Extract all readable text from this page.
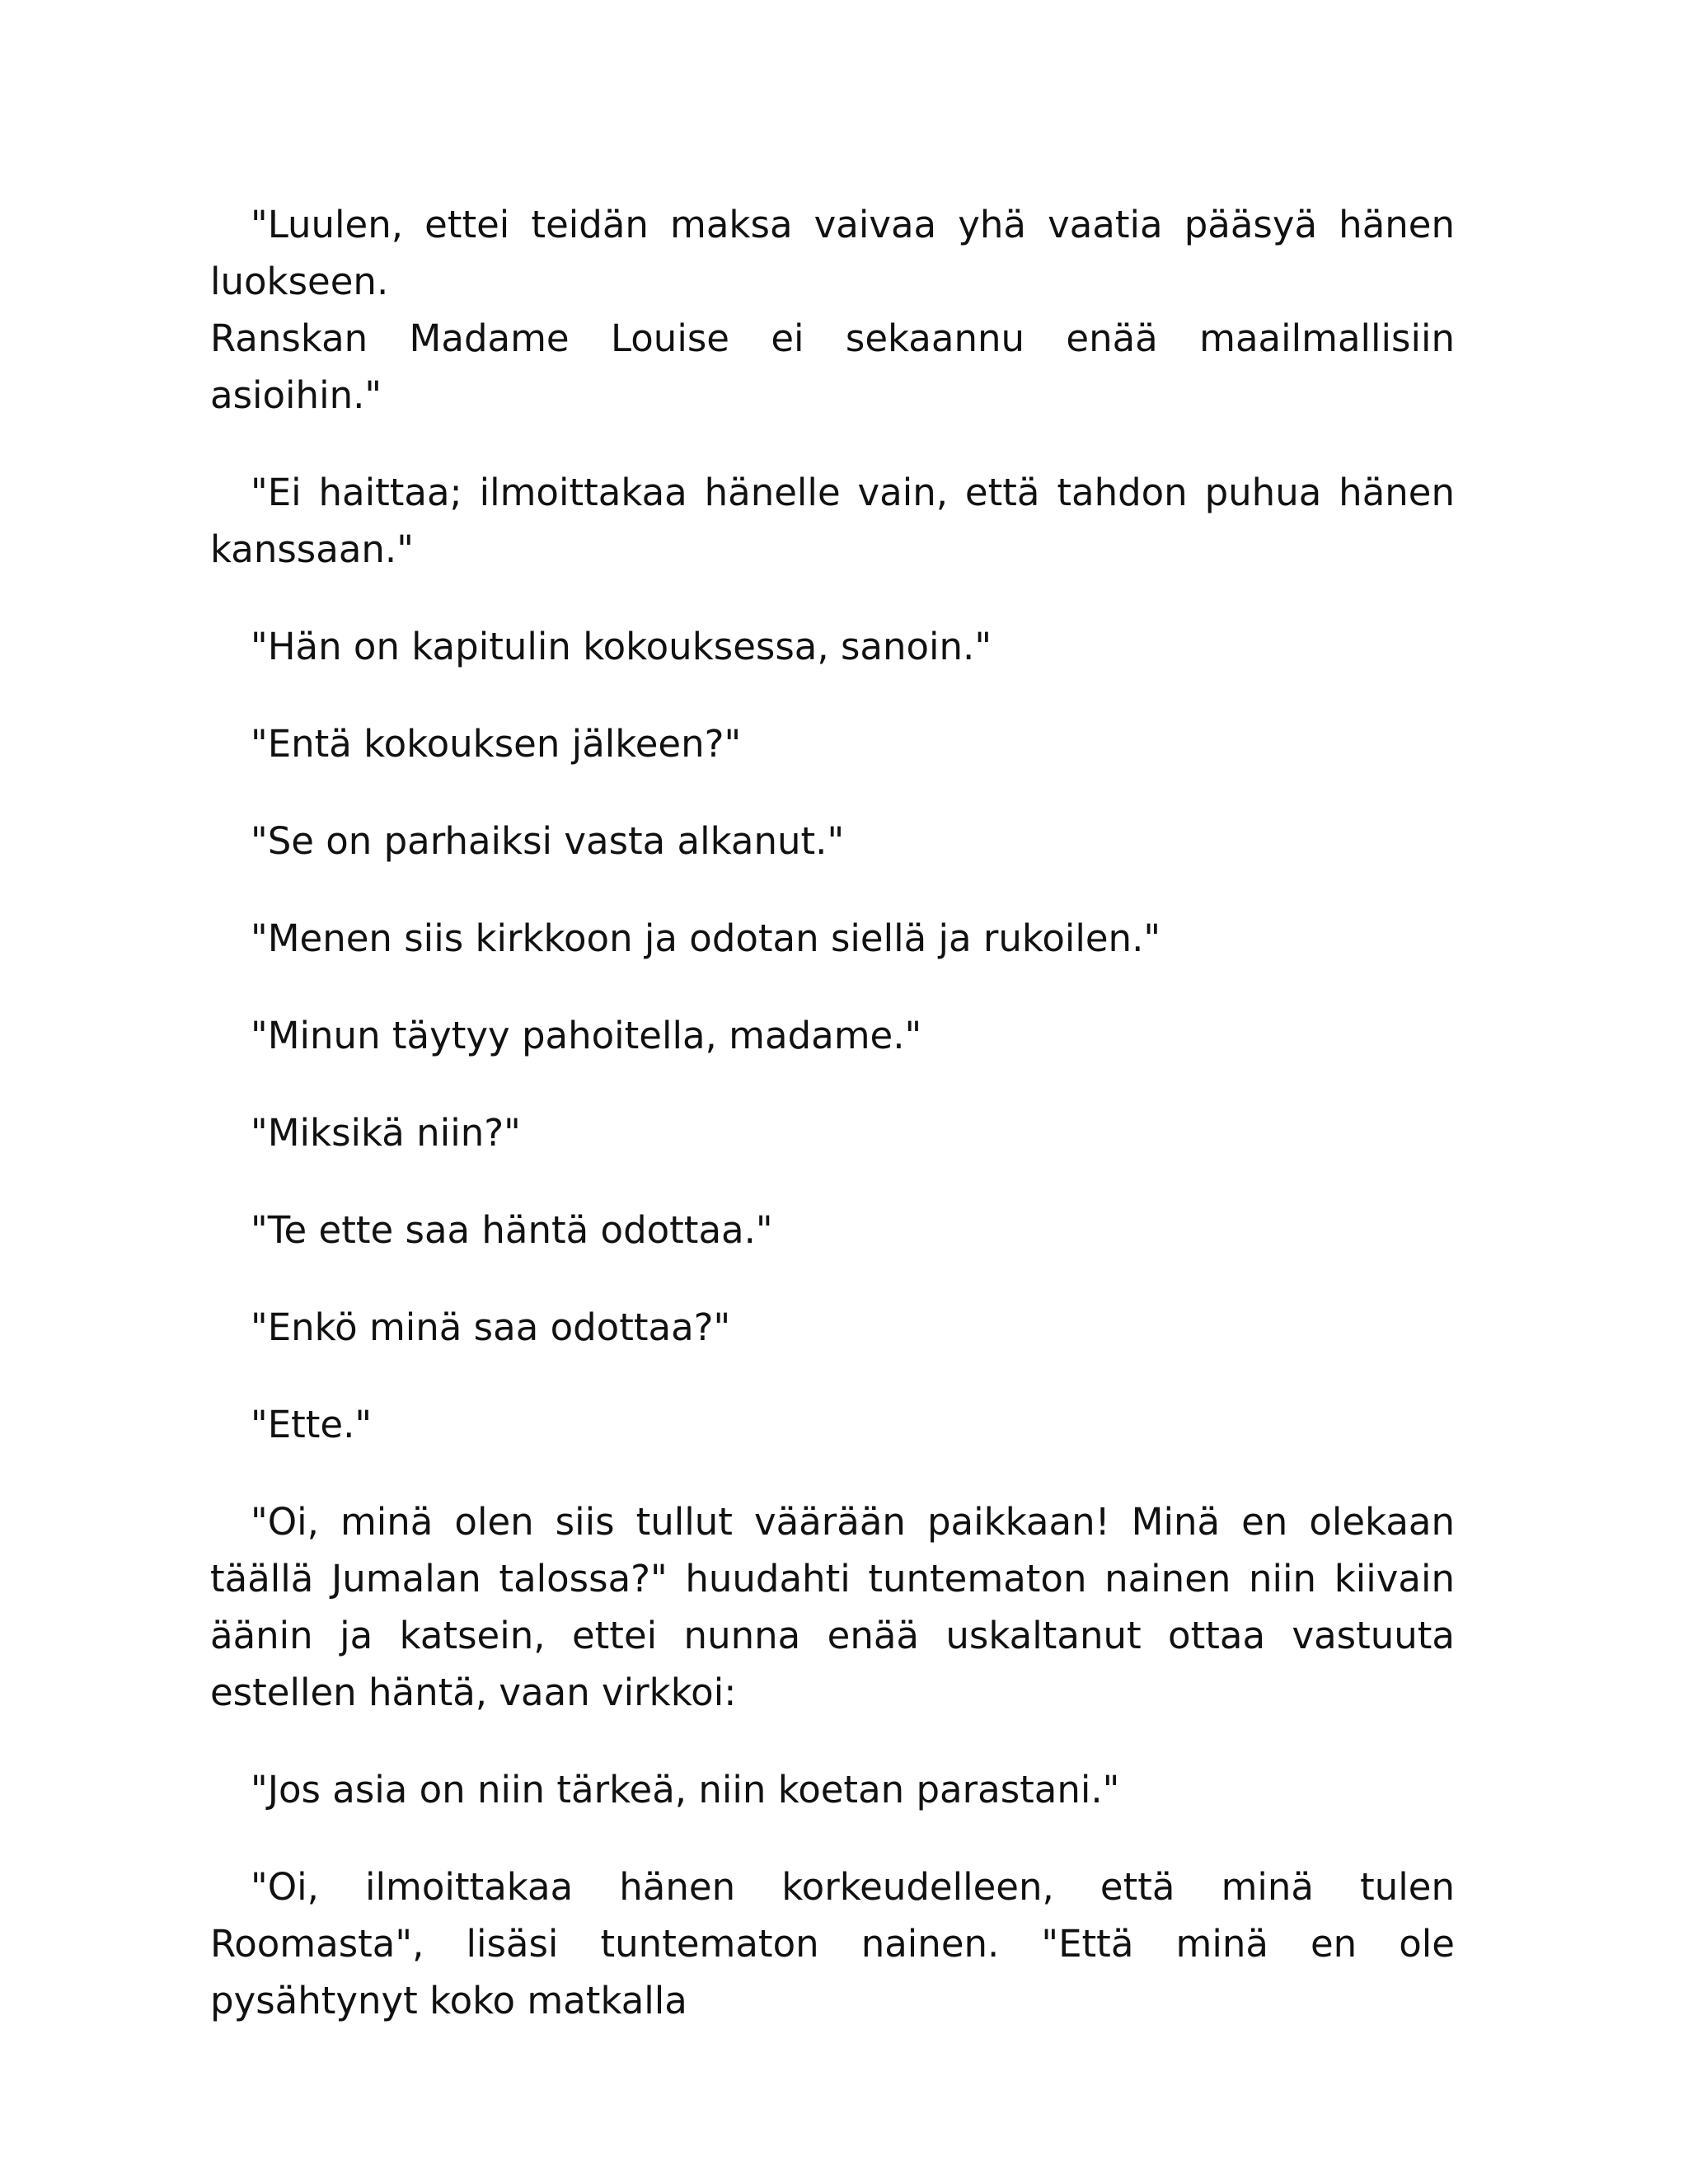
"Luulen, ettei teidän maksa vaivaa yhä vaatia pääsyä hänen luokseen.
Ranskan Madame Louise ei sekaannu enää maailmallisiin asioihin."

"Ei haittaa; ilmoittakaa hänelle vain, että tahdon puhua hänen kanssaan."

"Hän on kapitulin kokouksessa, sanoin."

"Entä kokouksen jälkeen?"

"Se on parhaiksi vasta alkanut."

"Menen siis kirkkoon ja odotan siellä ja rukoilen."

"Minun täytyy pahoitella, madame."

"Miksikä niin?"

"Te ette saa häntä odottaa."

"Enkö minä saa odottaa?"

"Ette."

"Oi, minä olen siis tullut väärään paikkaan! Minä en olekaan täällä Jumalan talossa?" huudahti tuntematon nainen niin kiivain äänin ja katsein, ettei nunna enää uskaltanut ottaa vastuuta estellen häntä, vaan virkkoi:

"Jos asia on niin tärkeä, niin koetan parastani."

"Oi, ilmoittakaa hänen korkeudelleen, että minä tulen Roomasta", lisäsi tuntematon nainen. "Että minä en ole pysähtynyt koko matkalla
